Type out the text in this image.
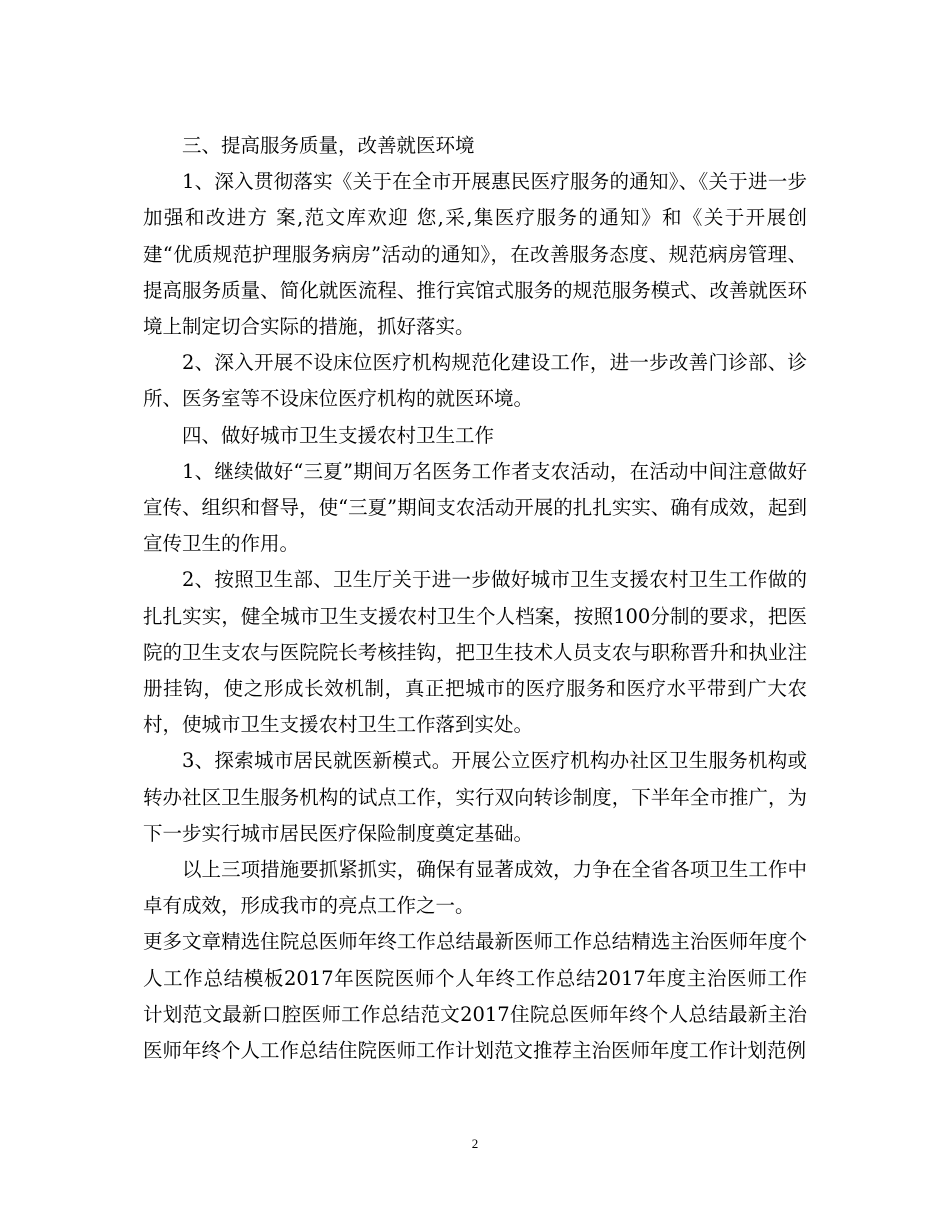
三、提高服务质量，改善就医环境

1、深入贯彻落实《关于在全市开展惠民医疗服务的通知》、《关于进一步加强和改进方 案,范文库欢迎 您,采,集医疗服务的通知》和《关于开展创建“优质规范护理服务病房”活动的通知》，在改善服务态度、规范病房管理、提高服务质量、简化就医流程、推行宾馆式服务的规范服务模式、改善就医环境上制定切合实际的措施，抓好落实。

2、深入开展不设床位医疗机构规范化建设工作，进一步改善门诊部、诊所、医务室等不设床位医疗机构的就医环境。

四、做好城市卫生支援农村卫生工作

1、继续做好“三夏”期间万名医务工作者支农活动，在活动中间注意做好宣传、组织和督导，使“三夏”期间支农活动开展的扎扎实实、确有成效，起到宣传卫生的作用。

2、按照卫生部、卫生厅关于进一步做好城市卫生支援农村卫生工作做的扎扎实实，健全城市卫生支援农村卫生个人档案，按照100分制的要求，把医院的卫生支农与医院院长考核挂钩，把卫生技术人员支农与职称晋升和执业注册挂钩，使之形成长效机制，真正把城市的医疗服务和医疗水平带到广大农村，使城市卫生支援农村卫生工作落到实处。

3、探索城市居民就医新模式。开展公立医疗机构办社区卫生服务机构或转办社区卫生服务机构的试点工作，实行双向转诊制度，下半年全市推广，为下一步实行城市居民医疗保险制度奠定基础。

以上三项措施要抓紧抓实，确保有显著成效，力争在全省各项卫生工作中卓有成效，形成我市的亮点工作之一。

更多文章精选住院总医师年终工作总结最新医师工作总结精选主治医师年度个人工作总结模板2017年医院医师个人年终工作总结2017年度主治医师工作计划范文最新口腔医师工作总结范文2017住院总医师年终个人总结最新主治医师年终个人工作总结住院医师工作计划范文推荐主治医师年度工作计划范例

2
